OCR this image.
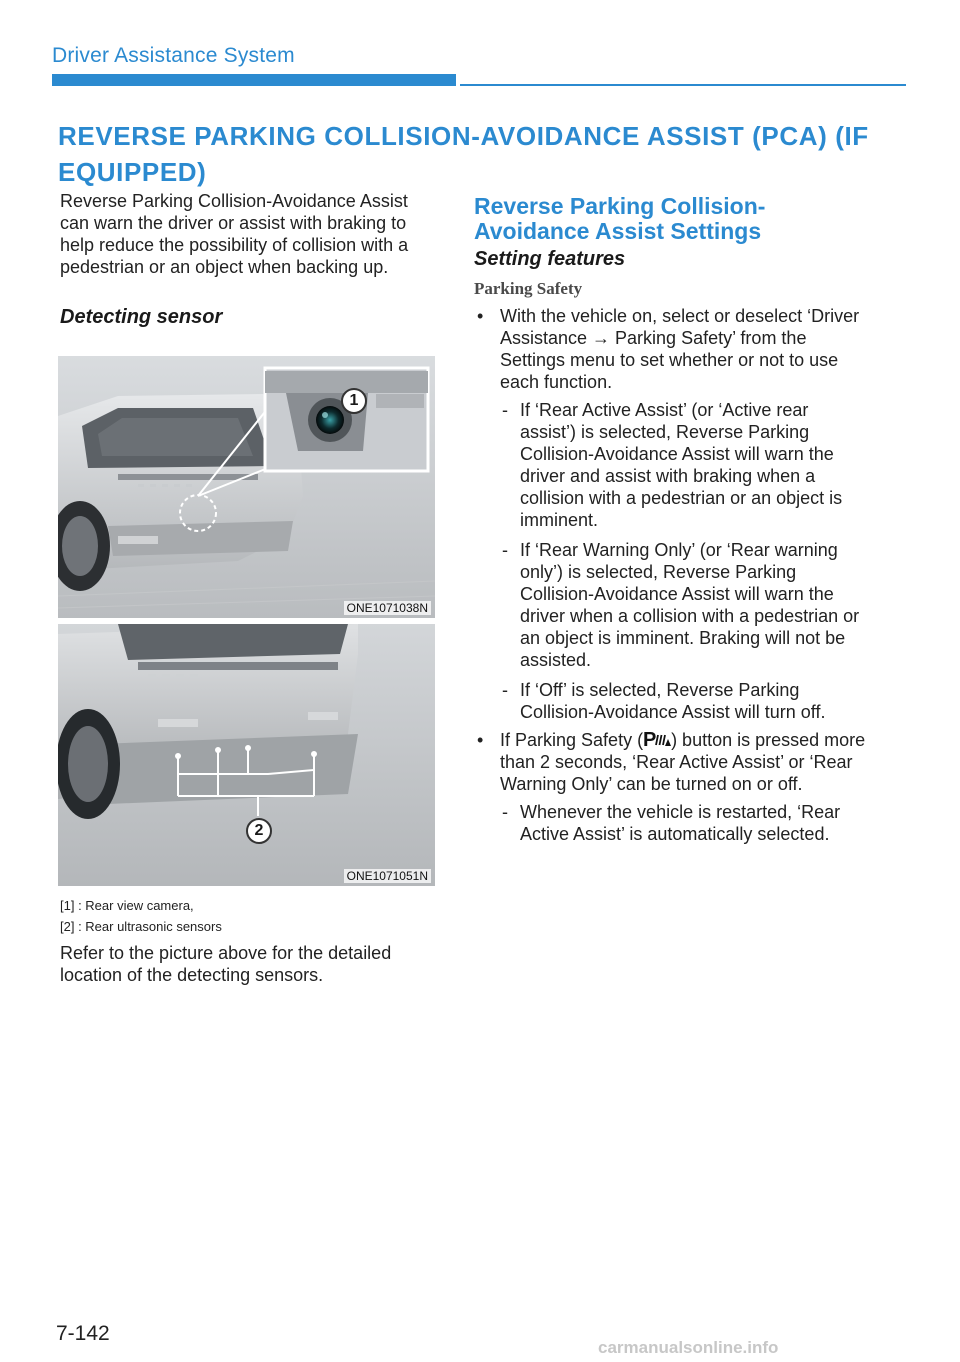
Driver Assistance System
REVERSE PARKING COLLISION-AVOIDANCE ASSIST (PCA) (IF EQUIPPED)

Reverse Parking Collision-Avoidance Assist can warn the driver or assist with braking to help reduce the possibility of collision with a pedestrian or an object when backing up.

Detecting sensor

1
ONE1071038N
2
ONE1071051N
[1] : Rear view camera,
[2] : Rear ultrasonic sensors
Refer to the picture above for the detailed location of the detecting sensors.
Reverse Parking Collision-
Avoidance Assist Settings
Setting features
Parking Safety
• With the vehicle on, select or deselect ‘Driver Assistance → Parking Safety’ from the Settings menu to set whether or not to use each function.
- If ‘Rear Active Assist’ (or ‘Active rear assist’) is selected, Reverse Parking Collision-Avoidance Assist will warn the driver and assist with braking when a collision with a pedestrian or an object is imminent.
- If ‘Rear Warning Only’ (or ‘Rear warning only’) is selected, Reverse Parking Collision-Avoidance Assist will warn the driver when a collision with a pedestrian or an object is imminent. Braking will not be assisted.
- If ‘Off’ is selected, Reverse Parking Collision-Avoidance Assist will turn off.
• If Parking Safety ( P ) button is pressed more than 2 seconds, ‘Rear Active Assist’ or ‘Rear Warning Only’ can be turned on or off.
- Whenever the vehicle is restarted, ‘Rear Active Assist’ is automatically selected.
7-142
carmanualsonline.info
